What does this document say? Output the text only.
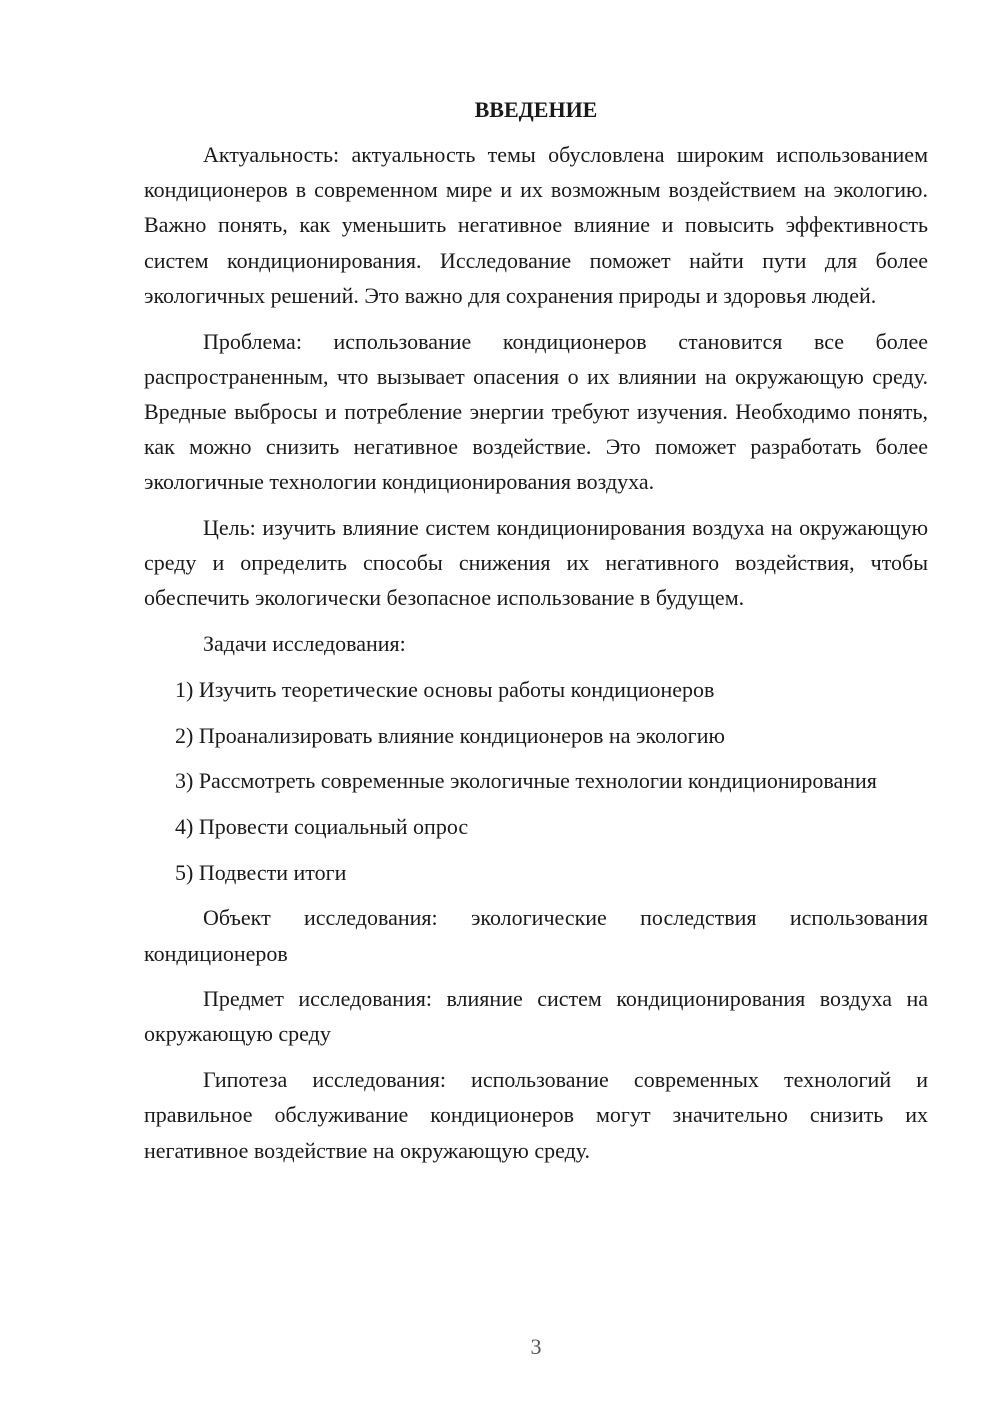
ВВЕДЕНИЕ

Актуальность: актуальность темы обусловлена широким использованием кондиционеров в современном мире и их возможным воздействием на экологию. Важно понять, как уменьшить негативное влияние и повысить эффективность систем кондиционирования. Исследование поможет найти пути для более экологичных решений. Это важно для сохранения природы и здоровья людей.

Проблема: использование кондиционеров становится все более распространенным, что вызывает опасения о их влиянии на окружающую среду. Вредные выбросы и потребление энергии требуют изучения. Необходимо понять, как можно снизить негативное воздействие. Это поможет разработать более экологичные технологии кондиционирования воздуха.

Цель: изучить влияние систем кондиционирования воздуха на окружающую среду и определить способы снижения их негативного воздействия, чтобы обеспечить экологически безопасное использование в будущем.

Задачи исследования:

1) Изучить теоретические основы работы кондиционеров

2) Проанализировать влияние кондиционеров на экологию

3) Рассмотреть современные экологичные технологии кондиционирования

4) Провести социальный опрос

5) Подвести итоги

Объект исследования: экологические последствия использования кондиционеров

Предмет исследования: влияние систем кондиционирования воздуха на окружающую среду

Гипотеза исследования: использование современных технологий и правильное обслуживание кондиционеров могут значительно снизить их негативное воздействие на окружающую среду.

3
